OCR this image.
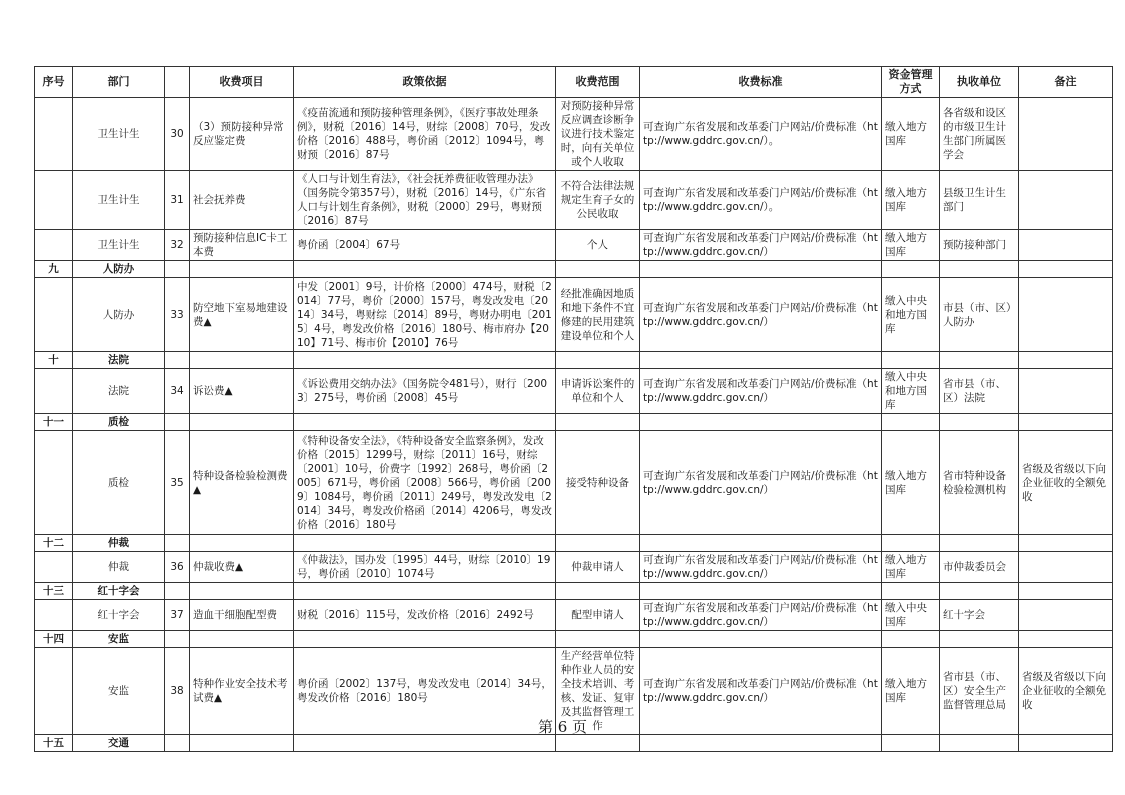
序号	部门		收费项目	政策依据	收费范围	收费标准	资金管理方式	执收单位	备注
	卫生计生	30	（3）预防接种异常反应鉴定费	《疫苗流通和预防接种管理条例》，《医疗事故处理条例》，财税〔2016〕14号，财综〔2008〕70号，发改价格〔2016〕488号，粤价函〔2012〕1094号，粤财预〔2016〕87号	对预防接种异常反应调查诊断争议进行技术鉴定时，向有关单位或个人收取	可查询广东省发展和改革委门户网站/价费标准（http://www.gddrc.gov.cn/）。	缴入地方国库	各省级和设区的市级卫生计生部门所属医学会	
	卫生计生	31	社会抚养费	《人口与计划生育法》，《社会抚养费征收管理办法》（国务院令第357号），财税〔2016〕14号，《广东省人口与计划生育条例》，财税〔2000〕29号，粤财预〔2016〕87号	不符合法律法规规定生育子女的公民收取	可查询广东省发展和改革委门户网站/价费标准（http://www.gddrc.gov.cn/）。	缴入地方国库	县级卫生计生部门	
	卫生计生	32	预防接种信息IC卡工本费	粤价函〔2004〕67号	个人	可查询广东省发展和改革委门户网站/价费标准（http://www.gddrc.gov.cn/）	缴入地方国库	预防接种部门	
九	人防办								
	人防办	33	防空地下室易地建设费▲	中发〔2001〕9号，计价格〔2000〕474号，财税〔2014〕77号，粤价〔2000〕157号，粤发改发电〔2014〕34号，粤财综〔2014〕89号，粤财办明电〔2015〕4号，粤发改价格〔2016〕180号、梅市府办【2010】71号、梅市价【2010】76号	经批准确因地质和地下条件不宜修建的民用建筑建设单位和个人	可查询广东省发展和改革委门户网站/价费标准（http://www.gddrc.gov.cn/）	缴入中央和地方国库	市县（市、区）人防办	
十	法院								
	法院	34	诉讼费▲	《诉讼费用交纳办法》（国务院令481号），财行〔2003〕275号，粤价函〔2008〕45号	申请诉讼案件的单位和个人	可查询广东省发展和改革委门户网站/价费标准（http://www.gddrc.gov.cn/）	缴入中央和地方国库	省市县（市、区）法院	
十一	质检								
	质检	35	特种设备检验检测费▲	《特种设备安全法》，《特种设备安全监察条例》，发改价格〔2015〕1299号，财综〔2011〕16号，财综〔2001〕10号，价费字〔1992〕268号，粤价函〔2005〕671号，粤价函〔2008〕566号，粤价函〔2009〕1084号，粤价函〔2011〕249号，粤发改发电〔2014〕34号，粤发改价格函〔2014〕4206号，粤发改价格〔2016〕180号	接受特种设备	可查询广东省发展和改革委门户网站/价费标准（http://www.gddrc.gov.cn/）	缴入地方国库	省市特种设备检验检测机构	省级及省级以下向企业征收的全额免收
十二	仲裁								
	仲裁	36	仲裁收费▲	《仲裁法》，国办发〔1995〕44号，财综〔2010〕19号，粤价函〔2010〕1074号	仲裁申请人	可查询广东省发展和改革委门户网站/价费标准（http://www.gddrc.gov.cn/）	缴入地方国库	市仲裁委员会	
十三	红十字会								
	红十字会	37	造血干细胞配型费	财税〔2016〕115号，发改价格〔2016〕2492号	配型申请人	可查询广东省发展和改革委门户网站/价费标准（http://www.gddrc.gov.cn/）	缴入中央国库	红十字会	
十四	安监								
	安监	38	特种作业安全技术考试费▲	粤价函〔2002〕137号，粤发改发电〔2014〕34号，粤发改价格〔2016〕180号	生产经营单位特种作业人员的安全技术培训、考核、发证、复审及其监督管理工作	可查询广东省发展和改革委门户网站/价费标准（http://www.gddrc.gov.cn/）	缴入地方国库	省市县（市、区）安全生产监督管理总局	省级及省级以下向企业征收的全额免收
十五	交通								
第 6 页
